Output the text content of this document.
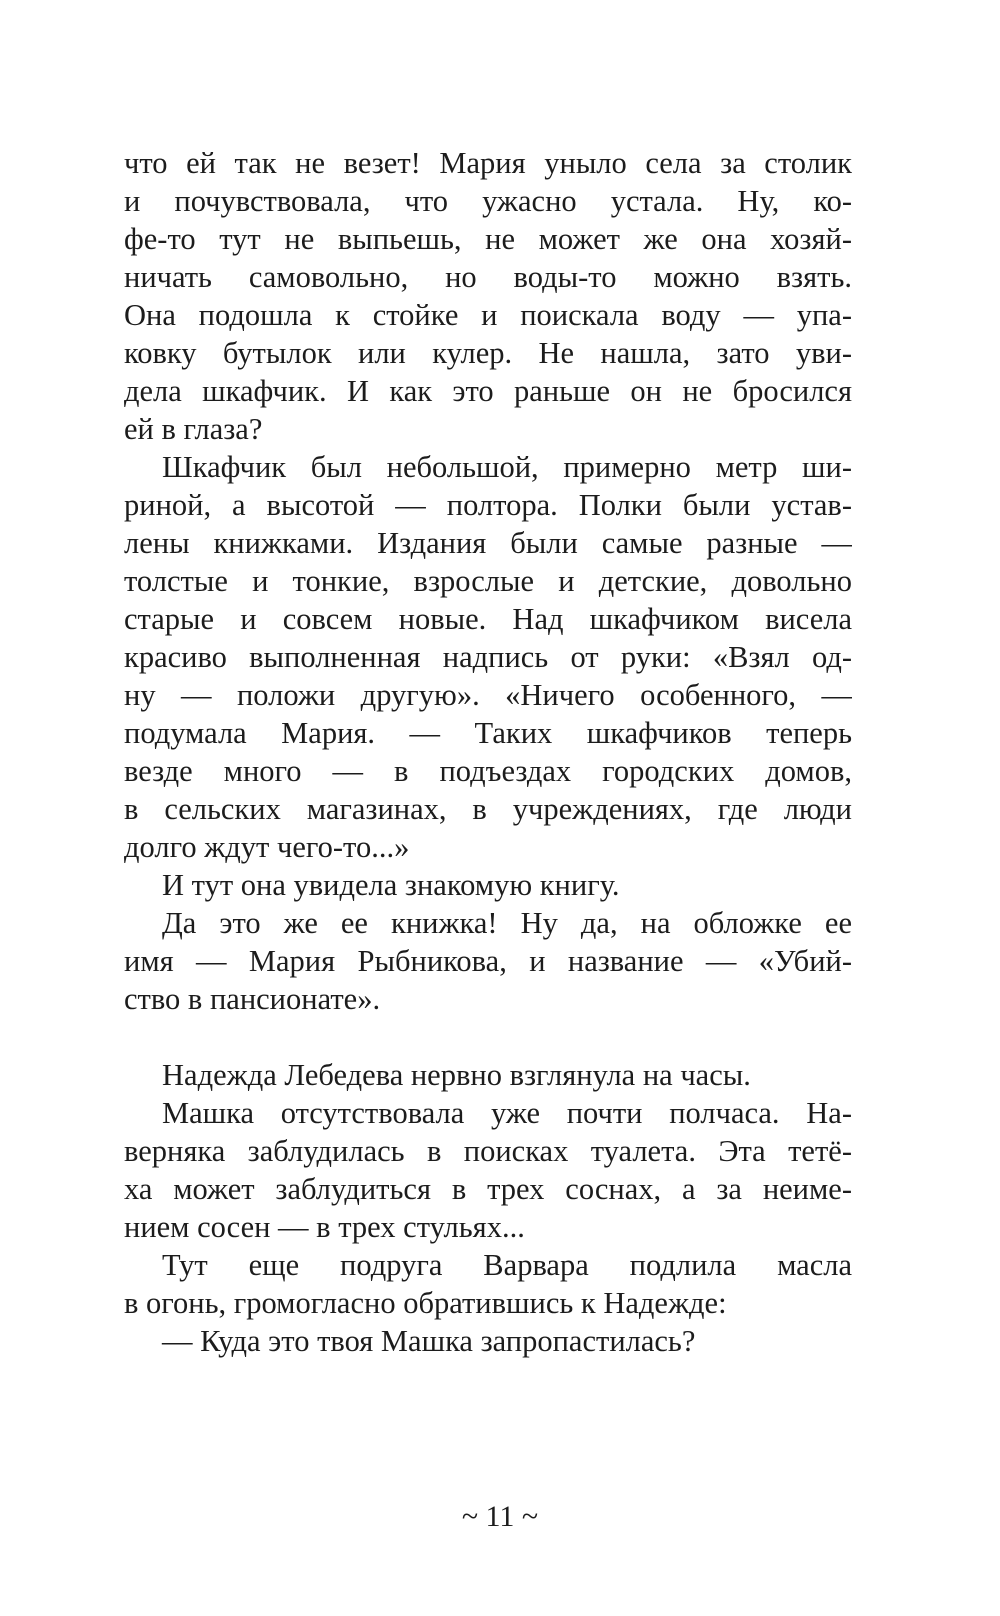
что ей так не везет! Мария уныло села за столик
и почувствовала, что ужасно устала. Ну, ко-
фе-то тут не выпьешь, не может же она хозяй-
ничать самовольно, но воды-то можно взять.
Она подошла к стойке и поискала воду — упа-
ковку бутылок или кулер. Не нашла, зато уви-
дела шкафчик. И как это раньше он не бросился
ей в глаза?
Шкафчик был небольшой, примерно метр ши-
риной, а высотой — полтора. Полки были устав-
лены книжками. Издания были самые разные —
толстые и тонкие, взрослые и детские, довольно
старые и совсем новые. Над шкафчиком висела
красиво выполненная надпись от руки: «Взял од-
ну — положи другую». «Ничего особенного, —
подумала Мария. — Таких шкафчиков теперь
везде много — в подъездах городских домов,
в сельских магазинах, в учреждениях, где люди
долго ждут чего-то...»
И тут она увидела знакомую книгу.
Да это же ее книжка! Ну да, на обложке ее
имя — Мария Рыбникова, и название — «Убий-
ство в пансионате».
Надежда Лебедева нервно взглянула на часы.
Машка отсутствовала уже почти полчаса. На-
верняка заблудилась в поисках туалета. Эта тетё-
ха может заблудиться в трех соснах, а за неиме-
нием сосен — в трех стульях...
Тут еще подруга Варвара подлила масла
в огонь, громогласно обратившись к Надежде:
— Куда это твоя Машка запропастилась?
~ 11 ~
